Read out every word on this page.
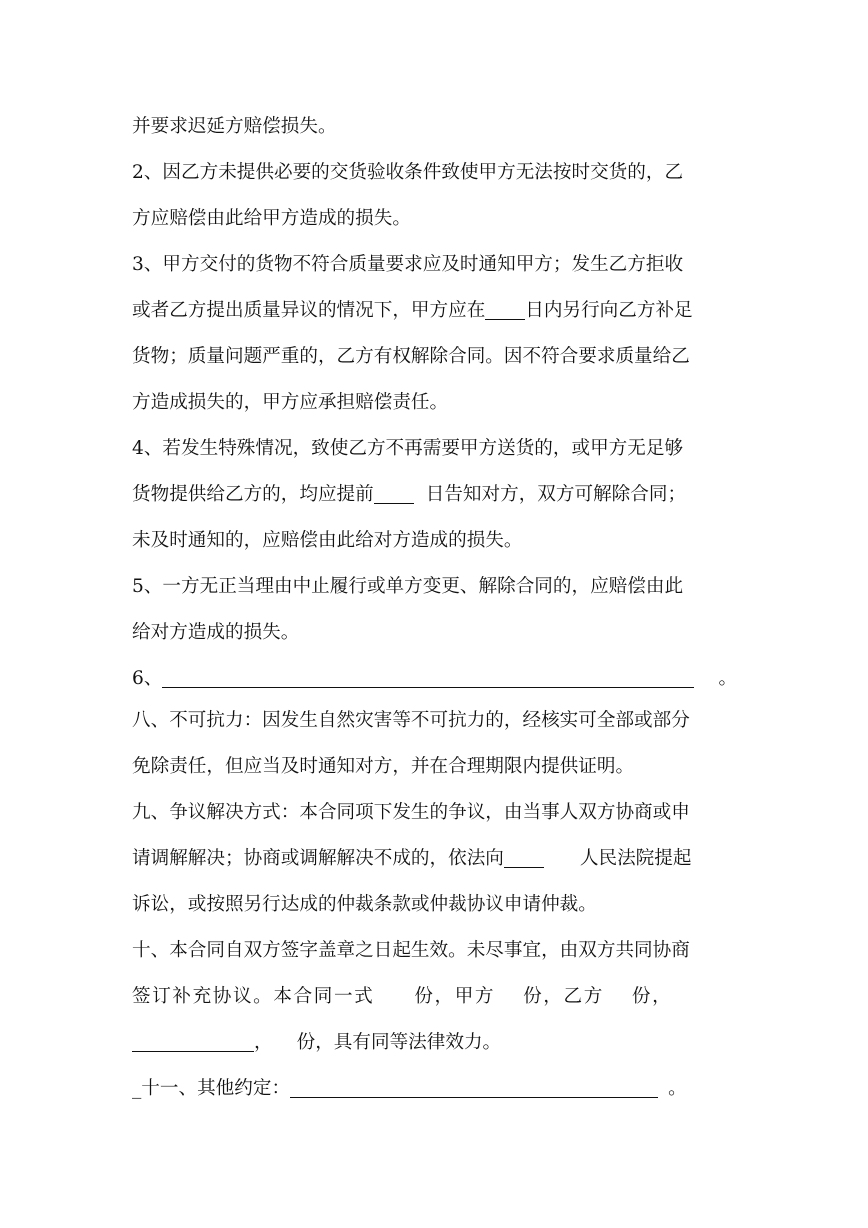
并要求迟延方赔偿损失。
2、因乙方未提供必要的交货验收条件致使甲方无法按时交货的，乙
方应赔偿由此给甲方造成的损失。
3、甲方交付的货物不符合质量要求应及时通知甲方；发生乙方拒收
或者乙方提出质量异议的情况下，甲方应在 日内另行向乙方补足
货物；质量问题严重的，乙方有权解除合同。因不符合要求质量给乙
方造成损失的，甲方应承担赔偿责任。
4、若发生特殊情况，致使乙方不再需要甲方送货的，或甲方无足够
货物提供给乙方的，均应提前	日告知对方，双方可解除合同；
未及时通知的，应赔偿由此给对方造成的损失。
5、一方无正当理由中止履行或单方变更、解除合同的，应赔偿由此
给对方造成的损失。
6、	。
八、不可抗力：因发生自然灾害等不可抗力的，经核实可全部或部分
免除责任，但应当及时通知对方，并在合理期限内提供证明。
九、争议解决方式：本合同项下发生的争议，由当事人双方协商或申
请调解解决；协商或调解解决不成的，依法向	人民法院提起
诉讼，或按照另行达成的仲裁条款或仲裁协议申请仲裁。
十、本合同自双方签字盖章之日起生效。未尽事宜，由双方共同协商
签订补充协议。本合同一式 份，甲方 份，乙方 份，
， 份，具有同等法律效力。
_十一、其他约定：	。
